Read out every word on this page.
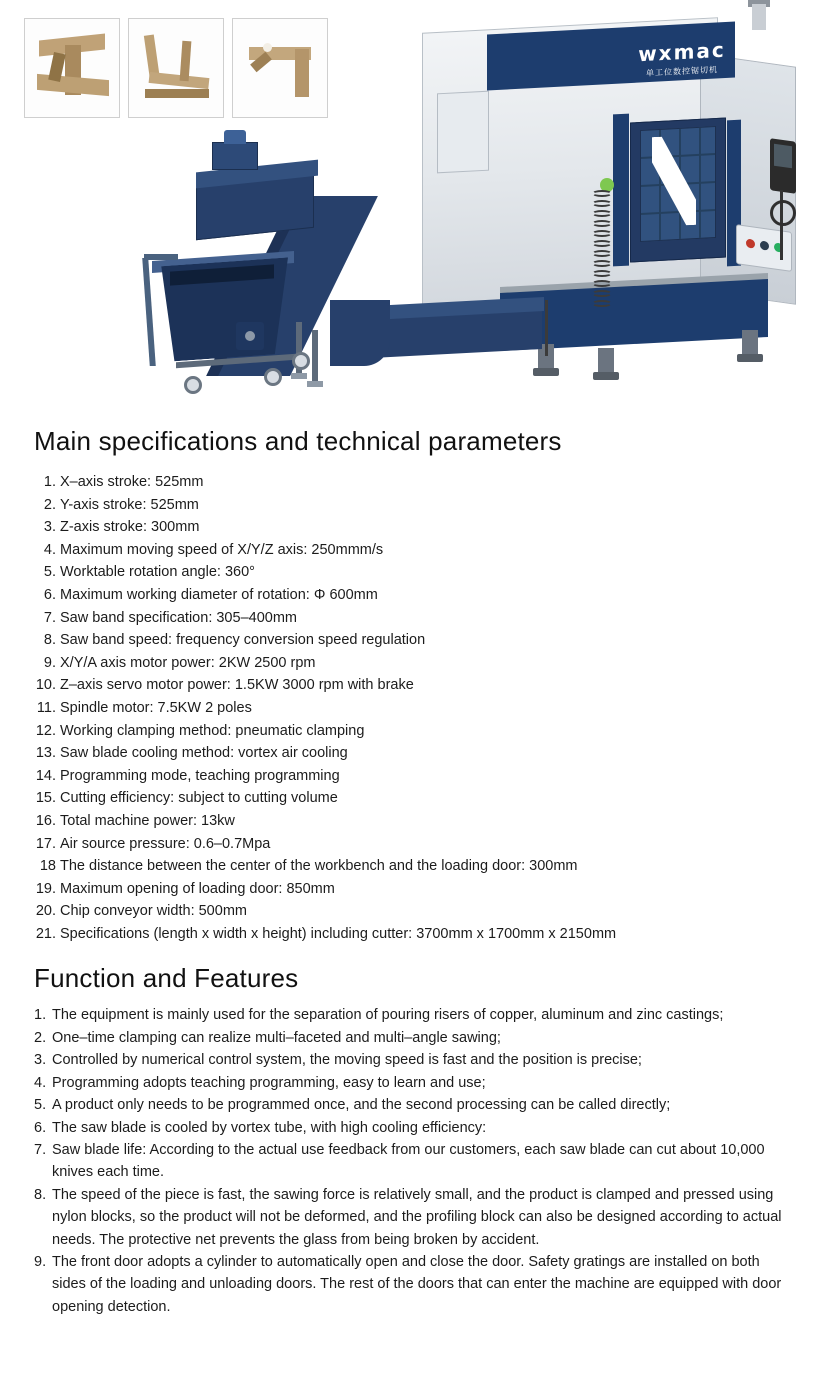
wxmac
单工位数控锯切机
Main specifications and technical parameters
1. X–axis stroke: 525mm
2. Y-axis stroke: 525mm
3. Z-axis stroke: 300mm
4. Maximum moving speed of X/Y/Z axis: 250mmm/s
5. Worktable rotation angle: 360°
6. Maximum working diameter of rotation: Φ 600mm
7. Saw band specification: 305–400mm
8. Saw band speed: frequency conversion speed regulation
9. X/Y/A axis motor power: 2KW 2500 rpm
10. Z–axis servo motor power: 1.5KW 3000 rpm with brake
11. Spindle motor: 7.5KW 2 poles
12. Working clamping method: pneumatic clamping
13. Saw blade cooling method: vortex air cooling
14. Programming mode, teaching programming
15. Cutting efficiency: subject to cutting volume
16. Total machine power: 13kw
17. Air source pressure: 0.6–0.7Mpa
18 The distance between the center of the workbench and the loading door: 300mm
19. Maximum opening of loading door: 850mm
20. Chip conveyor width: 500mm
21. Specifications (length x width x height) including cutter: 3700mm x 1700mm x 2150mm
Function and Features
1. The equipment is mainly used for the separation of pouring risers of copper, aluminum and zinc castings;
2. One–time clamping can realize multi–faceted and multi–angle sawing;
3. Controlled by numerical control system, the moving speed is fast and the position is precise;
4. Programming adopts teaching programming, easy to learn and use;
5. A product only needs to be programmed once, and the second processing can be called directly;
6. The saw blade is cooled by vortex tube, with high cooling efficiency:
7. Saw blade life: According to the actual use feedback from our customers, each saw blade can cut about 10,000 knives each time.
8. The speed of the piece is fast, the sawing force is relatively small, and the product is clamped and pressed using nylon blocks, so the product will not be deformed, and the profiling block can also be designed according to actual needs. The protective net prevents the glass from being broken by accident.
9. The front door adopts a cylinder to automatically open and close the door. Safety gratings are installed on both sides of the loading and unloading doors. The rest of the doors that can enter the machine are equipped with door opening detection.
